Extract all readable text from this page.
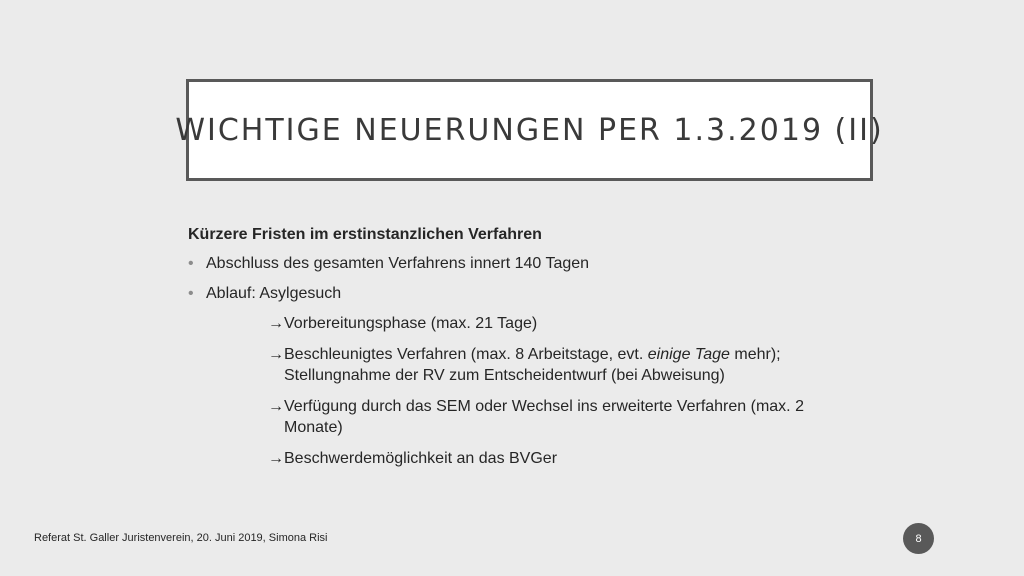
WICHTIGE NEUERUNGEN PER 1.3.2019 (II)
Kürzere Fristen im erstinstanzlichen Verfahren
• Abschluss des gesamten Verfahrens innert 140 Tagen
• Ablauf: Asylgesuch
→ Vorbereitungsphase (max. 21 Tage)
→ Beschleunigtes Verfahren (max. 8 Arbeitstage, evt. einige Tage mehr);
Stellungnahme der RV zum Entscheidentwurf (bei Abweisung)
→ Verfügung durch das SEM oder Wechsel ins erweiterte Verfahren (max. 2
Monate)
→ Beschwerdemöglichkeit an das BVGer
Referat St. Galler Juristenverein, 20. Juni 2019, Simona Risi	8
